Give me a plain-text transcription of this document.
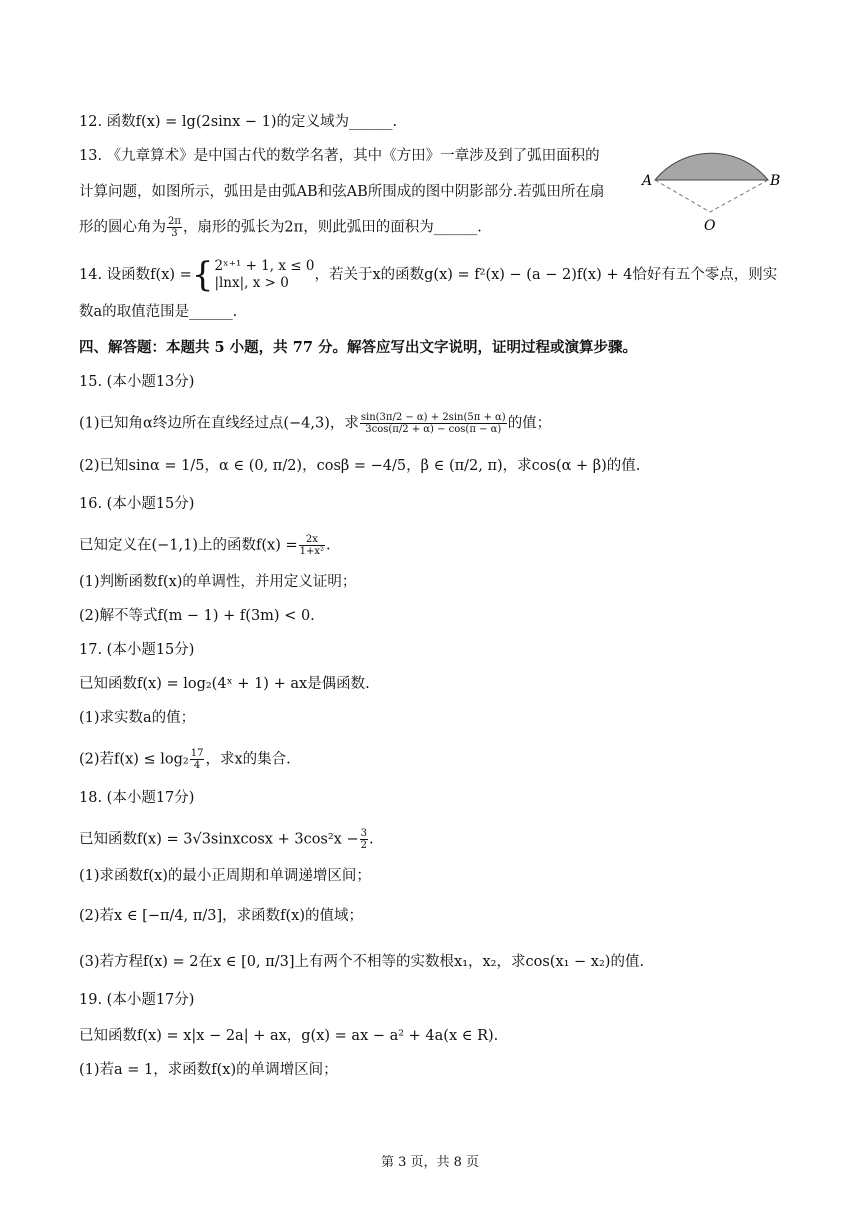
12. 函数f(x) = lg(2sinx − 1)的定义域为______.
13. 《九章算术》是中国古代的数学名著，其中《方田》一章涉及到了弧田面积的
计算问题，如图所示，弧田是由弧AB和弦AB所围成的图中阴影部分.若弧田所在扇
形的圆心角为 $\frac{2\pi}{3}$ ，扇形的弧长为2π，则此弧田的面积为______.
A	B
O
14. 设函数f(x) ={ 2ˣ⁺¹ + 1, x ≤ 0
|lnx|, x > 0	，若关于x的函数g(x) = f²(x) − (a − 2)f(x) + 4恰好有五个零点，则实
数a的取值范围是______.
四、解答题：本题共 5 小题，共 77 分。解答应写出文字说明，证明过程或演算步骤。
15. (本小题13分)
(1)已知角α终边所在直线经过点(−4,3)，求 $\frac{\sin(3\pi/2 - \alpha) + 2\sin(5\pi + \alpha)}{3\cos(\pi/2 + \alpha) - \cos(\pi - \alpha)}$ 的值；
(2)已知sinα = 1/5，α ∈ (0, π/2)，cosβ = −4/5，β ∈ (π/2, π)，求cos(α + β)的值.
16. (本小题15分)
已知定义在(−1,1)上的函数$f(x) = \frac{2x}{\text{1+x²}}$ .
(1)判断函数f(x)的单调性，并用定义证明；
(2)解不等式f(m − 1) + f(3m) < 0.
17. (本小题15分)
已知函数f(x) = log₂(4ˣ + 1) + ax是偶函数.
(1)求实数a的值；
(2)若$f(x) \le \log_2 \frac{17}{4}$ ，求x的集合.
18. (本小题17分)
已知函数f(x) = 3√3sinxcosx + $3\cos^2x - \frac{3}{2}$ .
(1)求函数f(x)的最小正周期和单调递增区间；
(2)若x ∈ [−π/4, π/3]，求函数f(x)的值域；
(3)若方程f(x) = 2在x ∈ [0, π/3]上有两个不相等的实数根x₁，x₂，求cos(x₁ − x₂)的值.
19. (本小题17分)
已知函数f(x) = x|x − 2a| + ax，g(x) = ax − a² + 4a(x ∈ R).
(1)若a = 1，求函数f(x)的单调增区间；
第 3 页，共 8 页
